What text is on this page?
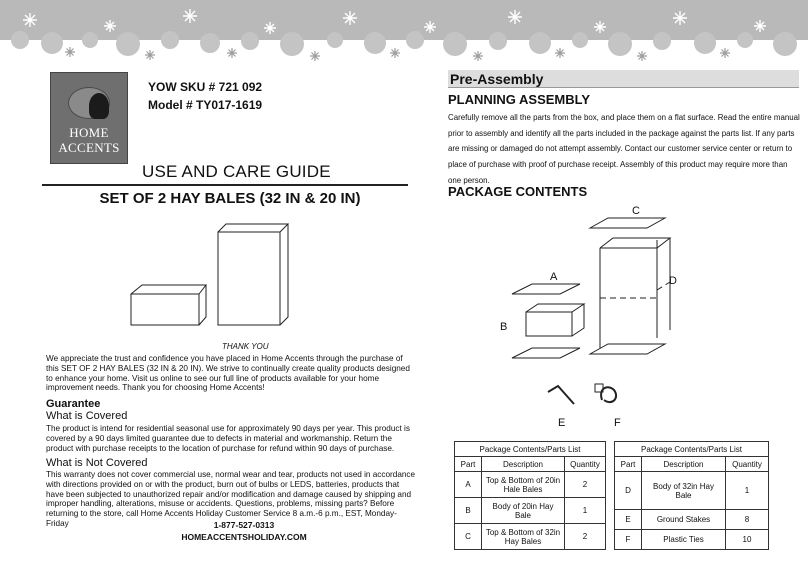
HOME
ACCENTS
YOW SKU # 721 092
Model # TY017-1619
USE AND CARE GUIDE
SET OF 2 HAY BALES (32 IN & 20 IN)
THANK YOU
We appreciate the trust and confidence you have placed in Home Accents through the purchase of this SET OF 2 HAY BALES (32 IN & 20 IN). We strive to continually create quality products designed to enhance your home. Visit us online to see our full line of products available for your home improvement needs. Thank you for choosing Home Accents!
Guarantee
What is Covered
The product is intend for residential seasonal use for approximately 90 days per year. This product is covered by a 90 days limited guarantee due to defects in material and workmanship. Return the product with purchase receipts to the location of purchase for refund within 90 days of purchase.
What is Not Covered
This warranty does not cover commercial use, normal wear and tear, products not used in accordance with directions provided on or with the product, burn out of bulbs or LEDS, batteries, products that have been subjected to unauthorized repair and/or modification and damage caused by shipping and improper handling, alterations, misuse or accidents. Questions, problems, missing parts? Before returning to the store, call Home Accents Holiday Customer Service 8 a.m.-6 p.m., EST, Monday-Friday	1-877-527-0313
HOMEACCENTSHOLIDAY.COM
Pre-Assembly
PLANNING ASSEMBLY
Carefully remove all the parts from the box, and place them on a flat surface. Read the entire manual prior to assembly and identify all the parts included in the package against the parts list. If any parts are missing or damaged do not attempt assembly. Contact our customer service center or return to place of purchase with proof of purchase receipt. Assembly of this product may require more than one person.
PACKAGE CONTENTS
C
D
A
B
E	F
Package Contents/Parts List		
Part	Description	Quantity
A	Top & Bottom of 20in Hale Bales	2
B	Body of 20in Hay Bale	1
C	Top & Bottom of 32in Hay Bales	2
Package Contents/Parts List		
Part	Description	Quantity
D	Body of 32in Hay Bale	1
E	Ground Stakes	8
F	Plastic Ties	10
